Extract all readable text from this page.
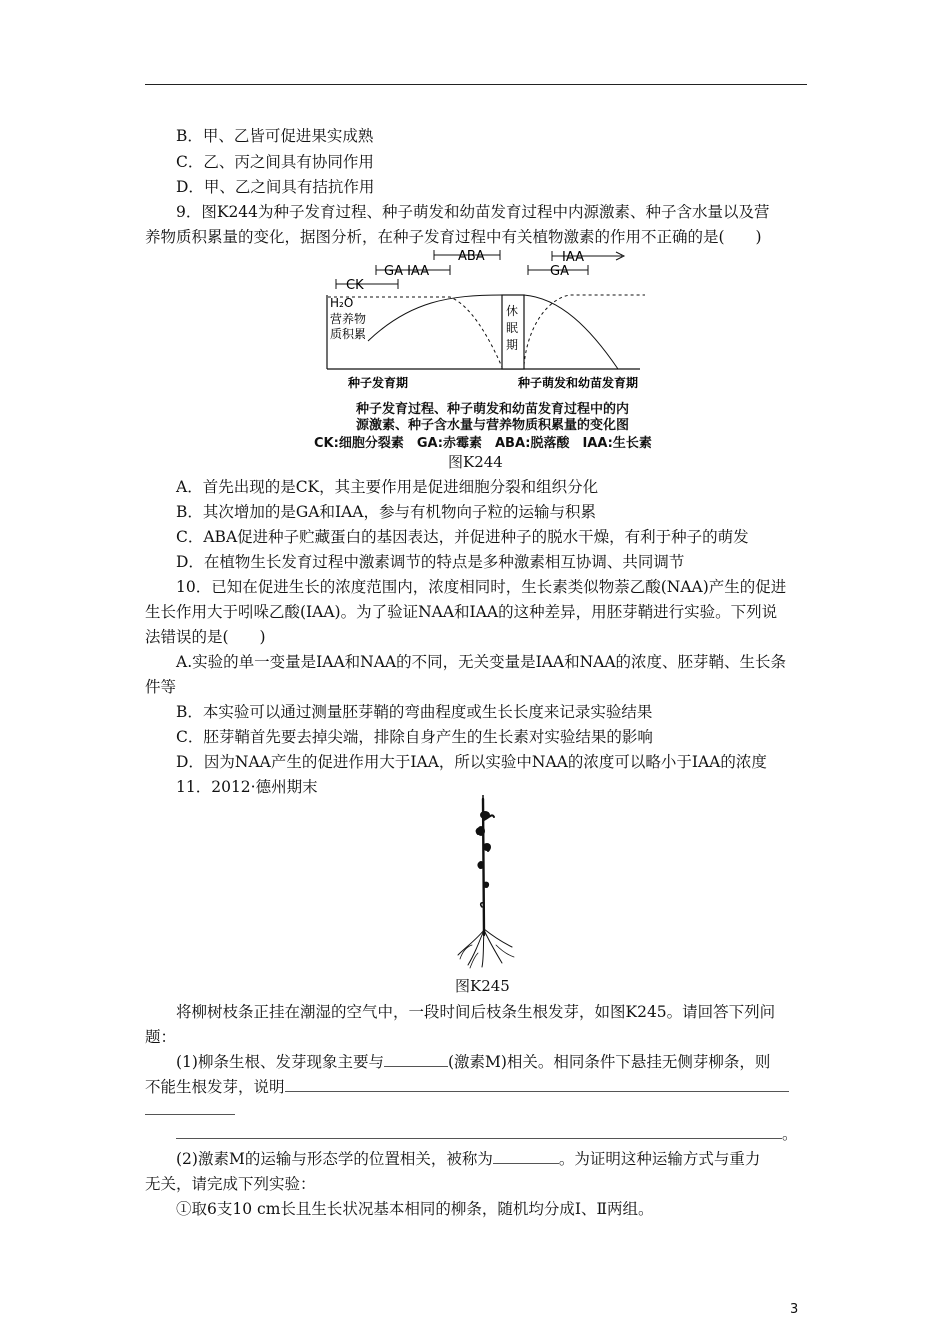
B．甲、乙皆可促进果实成熟
C．乙、丙之间具有协同作用
D．甲、乙之间具有拮抗作用
9．图K244为种子发育过程、种子萌发和幼苗发育过程中内源激素、种子含水量以及营
养物质积累量的变化，据图分析，在种子发育过程中有关植物激素的作用不正确的是(　　)
ABA	IAA
GA IAA	GA
CK
休
眠
期
H₂O
营养物
质积累
种子发育期	种子萌发和幼苗发育期
种子发育过程、种子萌发和幼苗发育过程中的内
源激素、种子含水量与营养物质积累量的变化图
CK:细胞分裂素　GA:赤霉素　ABA:脱落酸　IAA:生长素
图K244
A．首先出现的是CK，其主要作用是促进细胞分裂和组织分化
B．其次增加的是GA和IAA，参与有机物向子粒的运输与积累
C．ABA促进种子贮藏蛋白的基因表达，并促进种子的脱水干燥，有利于种子的萌发
D．在植物生长发育过程中激素调节的特点是多种激素相互协调、共同调节
10．已知在促进生长的浓度范围内，浓度相同时，生长素类似物萘乙酸(NAA)产生的促进
生长作用大于吲哚乙酸(IAA)。为了验证NAA和IAA的这种差异，用胚芽鞘进行实验。下列说
法错误的是(　　)
A.实验的单一变量是IAA和NAA的不同，无关变量是IAA和NAA的浓度、胚芽鞘、生长条
件等
B．本实验可以通过测量胚芽鞘的弯曲程度或生长长度来记录实验结果
C．胚芽鞘首先要去掉尖端，排除自身产生的生长素对实验结果的影响
D．因为NAA产生的促进作用大于IAA，所以实验中NAA的浓度可以略小于IAA的浓度
11．2012·德州期末
图K245
将柳树枝条正挂在潮湿的空气中，一段时间后枝条生根发芽，如图K245。请回答下列问
题：
(1)柳条生根、发芽现象主要与	(激素M)相关。相同条件下悬挂无侧芽柳条，则
不能生根发芽，说明
。
(2)激素M的运输与形态学的位置相关，被称为	。为证明这种运输方式与重力
无关，请完成下列实验：
①取6支10 cm长且生长状况基本相同的柳条，随机均分成Ⅰ、Ⅱ两组。
3
